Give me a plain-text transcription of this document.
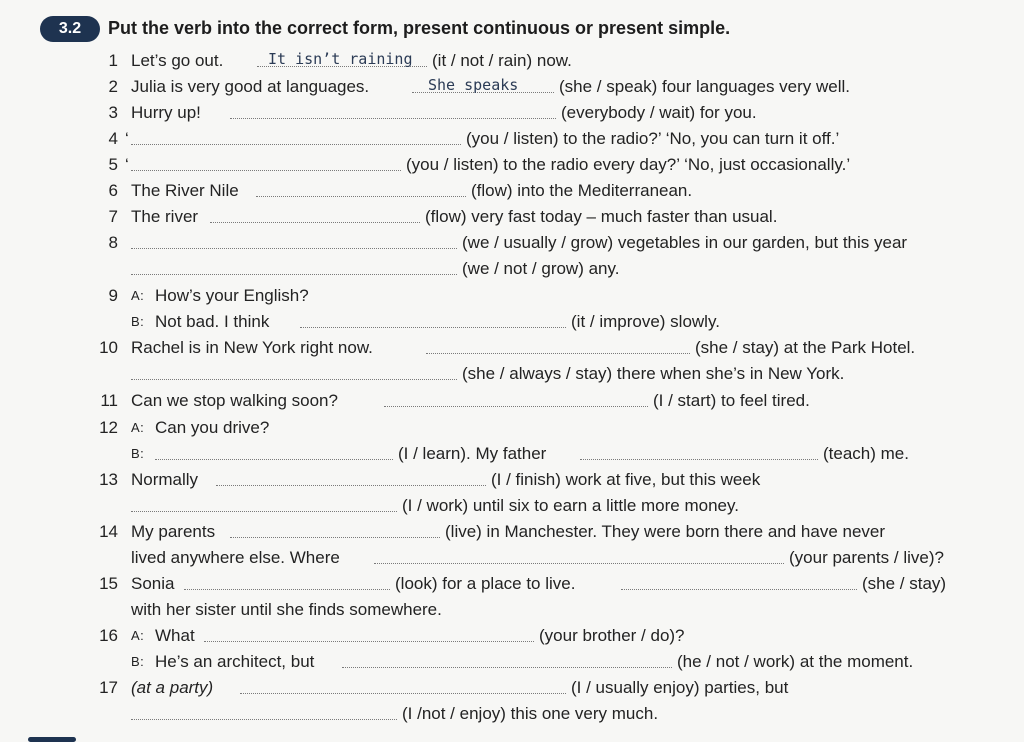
3.2	Put the verb into the correct form, present continuous or present simple.
1 Let’s go out.	It isn’t raining (it / not / rain) now.
2 Julia is very good at languages.	She speaks (she / speak) four languages very well.
3 Hurry up!	(everybody / wait) for you.
4 ‘	(you / listen) to the radio?’ ‘No, you can turn it off.’
5 ‘	(you / listen) to the radio every day?’ ‘No, just occasionally.’
6 The River Nile	(flow) into the Mediterranean.
7 The river	(flow) very fast today – much faster than usual.
8	(we / usually / grow) vegetables in our garden, but this year
(we / not / grow) any.
9 A: How’s your English?
B: Not bad. I think	(it / improve) slowly.
10 Rachel is in New York right now.	(she / stay) at the Park Hotel.
(she / always / stay) there when she’s in New York.
11 Can we stop walking soon?	(I / start) to feel tired.
12 A: Can you drive?
B:	(I / learn). My father	(teach) me.
13 Normally	(I / finish) work at five, but this week
(I / work) until six to earn a little more money.
14 My parents	(live) in Manchester. They were born there and have never
lived anywhere else. Where	(your parents / live)?
15 Sonia	(look) for a place to live.	(she / stay)
with her sister until she finds somewhere.
16 A: What	(your brother / do)?
B: He’s an architect, but	(he / not / work) at the moment.
17 (at a party)	(I / usually enjoy) parties, but
(I /not / enjoy) this one very much.
